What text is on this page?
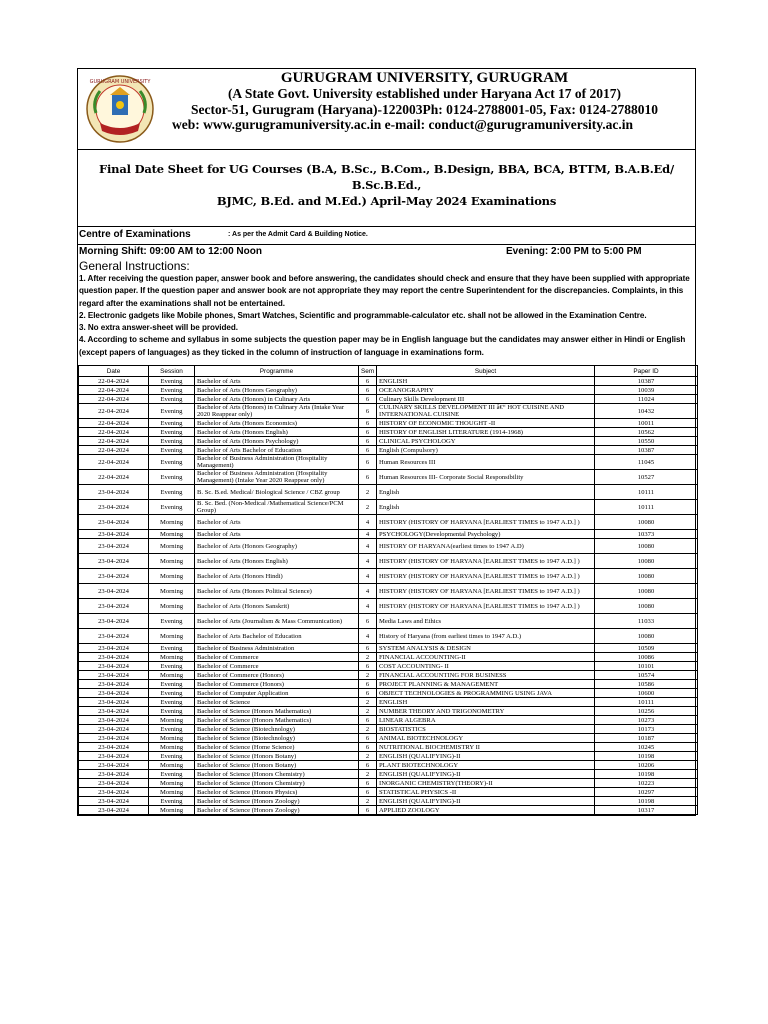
GURUGRAM UNIVERSITY	GURUGRAM UNIVERSITY, GURUGRAM
(A State Govt. University established under Haryana Act 17 of 2017)
Sector-51, Gurugram (Haryana)-122003Ph: 0124-2788001-05, Fax: 0124-2788010
web: www.gurugramuniversity.ac.in e-mail: conduct@gurugramuniversity.ac.in
Final Date Sheet for UG Courses (B.A, B.Sc., B.Com., B.Design, BBA, BCA, BTTM, B.A.B.Ed/ B.Sc.B.Ed.,
BJMC, B.Ed. and M.Ed.) April-May 2024 Examinations
Centre of Examinations	: As per the Admit Card & Building Notice.
Morning Shift: 09:00 AM to 12:00 Noon	Evening: 2:00 PM to 5:00 PM
General Instructions:

1. After receiving the question paper, answer book and before answering, the candidates should check and ensure that they have been supplied with appropriate question paper. If the question paper and answer book are not appropriate they may report the centre Superintendent for the discrepancies. Complaints, in this regard after the examinations shall not be entertained.

2. Electronic gadgets like Mobile phones, Smart Watches, Scientific and programmable-calculator etc. shall not be allowed in the Examination Centre.

3. No extra answer-sheet will be provided.

4. According to scheme and syllabus in some subjects the question paper may be in English language but the candidates may answer either in Hindi or English (except papers of languages) as they ticked in the column of instruction of language in examinations form.

Date	Session	Programme	Sem	Subject	Paper ID
22-04-2024	Evening	Bachelor of Arts	6	ENGLISH	10387
22-04-2024	Evening	Bachelor of Arts (Honors Geography)	6	OCEANOGRAPHY	10039
22-04-2024	Evening	Bachelor of Arts (Honors) in Culinary Arts	6	Culinary Skills Development III	11024
22-04-2024	Evening	Bachelor of Arts (Honors) in Culinary Arts (Intake Year 2020 Reappear only)	6	CULINARY SKILLS DEVELOPMENT III â€“ HOT CUISINE AND INTERNATIONAL CUISINE	10432
22-04-2024	Evening	Bachelor of Arts (Honors Economics)	6	HISTORY OF ECONOMIC THOUGHT -II	10011
22-04-2024	Evening	Bachelor of Arts (Honors English)	6	HISTORY OF ENGLISH LITERATURE (1914-1968)	10562
22-04-2024	Evening	Bachelor of Arts (Honors Psychology)	6	CLINICAL PSYCHOLOGY	10550
22-04-2024	Evening	Bachelor of Arts Bachelor of Education	6	English (Compulsory)	10387
22-04-2024	Evening	Bachelor of Business Administration (Hospitality Management)	6	Human Resources III	11045
22-04-2024	Evening	Bachelor of Business Administration (Hospitality Management) (Intake Year 2020 Reappear only)	6	Human Resources III- Corporate Social Responsibility	10527
23-04-2024	Evening	B. Sc. B.ed. Medical/ Biological Science / CBZ group	2	English	10111
23-04-2024	Evening	B. Sc. Bed. (Non-Medical /Mathematical Science/PCM Group)	2	English	10111
23-04-2024	Morning	Bachelor of Arts	4	HISTORY (HISTORY OF HARYANA [EARLIEST TIMES to 1947 A.D.] )	10080
23-04-2024	Morning	Bachelor of Arts	4	PSYCHOLOGY(Developmental Psychology)	10373
23-04-2024	Morning	Bachelor of Arts (Honors Geography)	4	HISTORY OF HARYANA(earliest times to 1947 A.D)	10080
23-04-2024	Morning	Bachelor of Arts (Honors English)	4	HISTORY (HISTORY OF HARYANA [EARLIEST TIMES to 1947 A.D.] )	10080
23-04-2024	Morning	Bachelor of Arts (Honors Hindi)	4	HISTORY (HISTORY OF HARYANA [EARLIEST TIMES to 1947 A.D.] )	10080
23-04-2024	Morning	Bachelor of Arts (Honors Political Science)	4	HISTORY (HISTORY OF HARYANA [EARLIEST TIMES to 1947 A.D.] )	10080
23-04-2024	Morning	Bachelor of Arts (Honors Sanskrit)	4	HISTORY (HISTORY OF HARYANA [EARLIEST TIMES to 1947 A.D.] )	10080
23-04-2024	Evening	Bachelor of Arts (Journalism & Mass Communication)	6	Media Laws and Ethics	11033
23-04-2024	Morning	Bachelor of Arts Bachelor of Education	4	History of Haryana (from earliest times to 1947 A.D.)	10080
23-04-2024	Evening	Bachelor of Business Administration	6	SYSTEM ANALYSIS & DESIGN	10509
23-04-2024	Morning	Bachelor of Commerce	2	FINANCIAL ACCOUNTING-II	10086
23-04-2024	Evening	Bachelor of Commerce	6	COST ACCOUNTING- II	10101
23-04-2024	Morning	Bachelor of Commerce (Honors)	2	FINANCIAL ACCOUNTING FOR BUSINESS	10574
23-04-2024	Evening	Bachelor of Commerce (Honors)	6	PROJECT PLANNING & MANAGEMENT	10586
23-04-2024	Evening	Bachelor of Computer Application	6	OBJECT TECHNOLOGIES & PROGRAMMING USING JAVA	10600
23-04-2024	Evening	Bachelor of Science	2	ENGLISH	10111
23-04-2024	Evening	Bachelor of Science (Honors Mathematics)	2	NUMBER THEORY AND TRIGONOMETRY	10256
23-04-2024	Morning	Bachelor of Science (Honors Mathematics)	6	LINEAR ALGEBRA	10273
23-04-2024	Evening	Bachelor of Science (Biotechnology)	2	BIOSTATISTICS	10173
23-04-2024	Morning	Bachelor of Science (Biotechnology)	6	ANIMAL BIOTECHNOLOGY	10187
23-04-2024	Morning	Bachelor of Science (Home Science)	6	NUTRITIONAL BIOCHEMISTRY II	10245
23-04-2024	Evening	Bachelor of Science (Honors Botany)	2	ENGLISH (QUALIFYING)-II	10198
23-04-2024	Morning	Bachelor of Science (Honors Botany)	6	PLANT BIOTECHNOLOGY	10206
23-04-2024	Evening	Bachelor of Science (Honors Chemistry)	2	ENGLISH (QUALIFYING)-II	10198
23-04-2024	Morning	Bachelor of Science (Honors Chemistry)	6	INORGANIC CHEMISTRY(THEORY)-II	10223
23-04-2024	Morning	Bachelor of Science (Honors Physics)	6	STATISTICAL PHYSICS -II	10297
23-04-2024	Evening	Bachelor of Science (Honors Zoology)	2	ENGLISH (QUALIFYING)-II	10198
23-04-2024	Morning	Bachelor of Science (Honors Zoology)	6	APPLIED ZOOLOGY	10317
